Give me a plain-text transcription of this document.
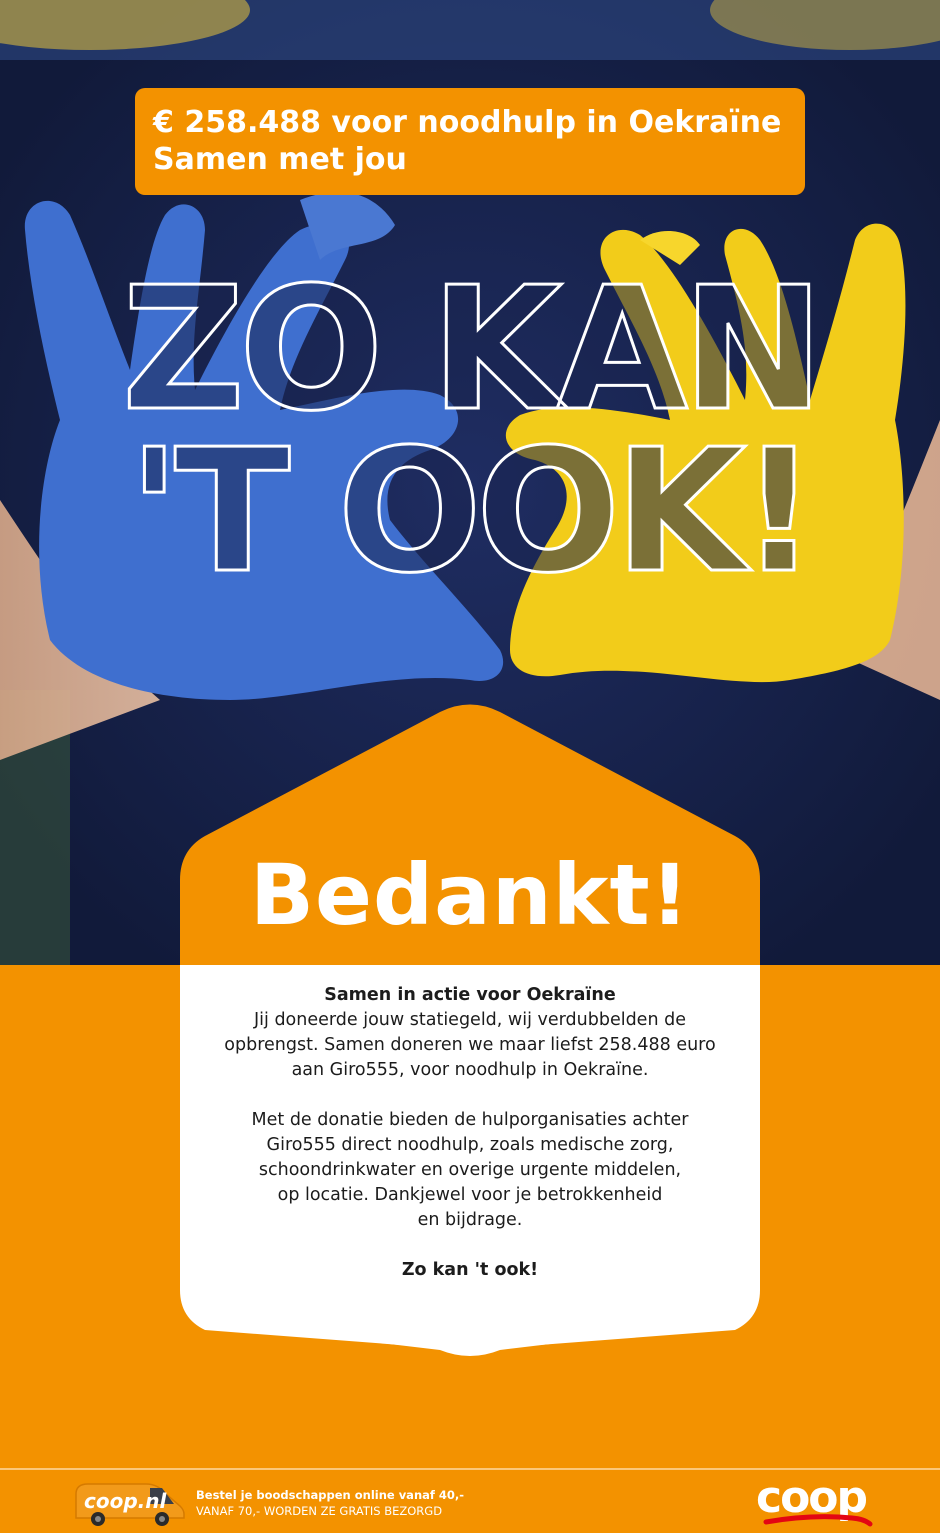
ZO KAN
'T OOK!
€ 258.488 voor noodhulp in Oekraïne
Samen met jou
Bedankt!
Samen in actie voor Oekraïne
Jij doneerde jouw statiegeld, wij verdubbelden de
opbrengst. Samen doneren we maar liefst 258.488 euro
aan Giro555, voor noodhulp in Oekraïne.
Met de donatie bieden de hulporganisaties achter
Giro555 direct noodhulp, zoals medische zorg,
schoondrinkwater en overige urgente middelen,
op locatie. Dankjewel voor je betrokkenheid
en bijdrage.
Zo kan 't ook!
coop.nl	Bestel je boodschappen online vanaf 40,-
VANAF 70,- WORDEN ZE GRATIS BEZORGD	coop
